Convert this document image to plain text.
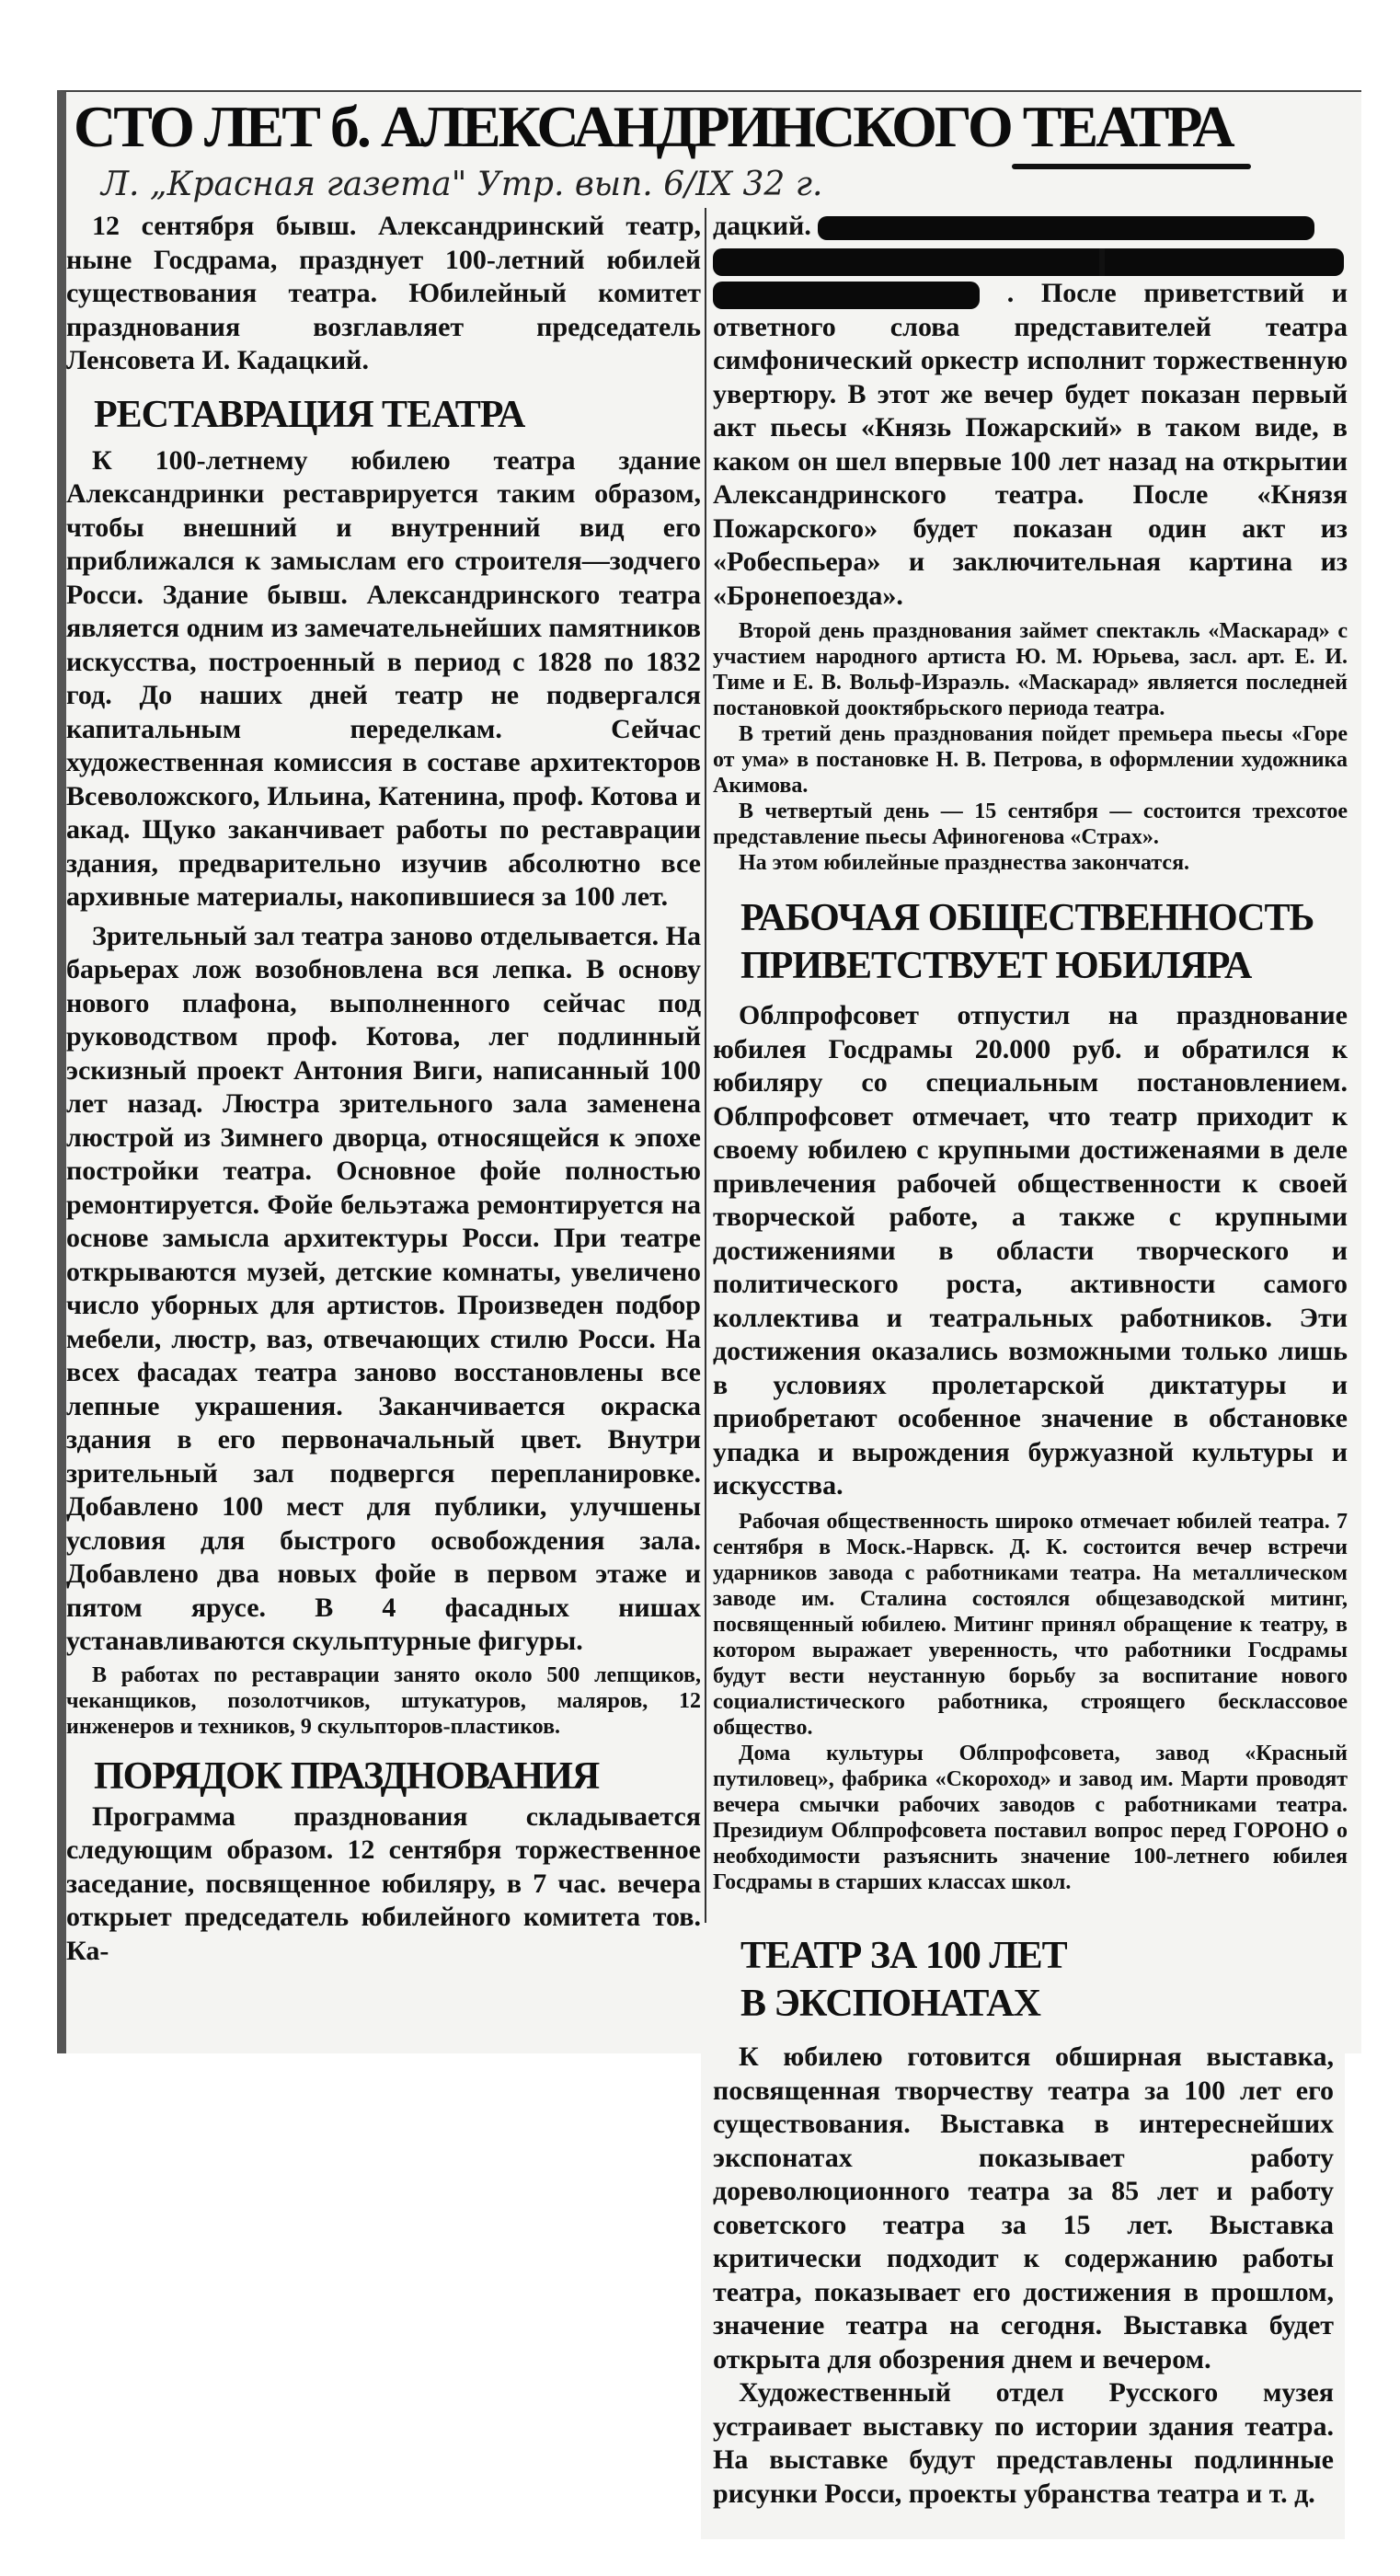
СТО ЛЕТ б. АЛЕКСАНДРИНСКОГО ТЕАТРА
Л. „Красная газета" Утр. вып. 6/IX 32 г.

12 сентября бывш. Александринский театр, ныне Госдрама, празднует 100-летний юбилей существования театра. Юбилейный комитет празднования возглавляет председатель Ленсовета И. Кадацкий.

РЕСТАВРАЦИЯ ТЕАТРА

К 100-летнему юбилею театра здание Александринки реставрируется таким образом, чтобы внешний и внутренний вид его приближался к замыслам его строителя—зодчего Росси. Здание бывш. Александринского театра является одним из замечательнейших памятников искусства, построенный в период с 1828 по 1832 год. До наших дней театр не подвергался капитальным переделкам. Сейчас художественная комиссия в составе архитекторов Всеволожского, Ильина, Катенина, проф. Котова и акад. Щуко заканчивает работы по реставрации здания, предварительно изучив абсолютно все архивные материалы, накопившиеся за 100 лет.

Зрительный зал театра заново отделывается. На барьерах лож возобновлена вся лепка. В основу нового плафона, выполненного сейчас под руководством проф. Котова, лег подлинный эскизный проект Антония Виги, написанный 100 лет назад. Люстра зрительного зала заменена люстрой из Зимнего дворца, относящейся к эпохе постройки театра. Основное фойе полностью ремонтируется. Фойе бельэтажа ремонтируется на основе замысла архитектуры Росси. При театре открываются музей, детские комнаты, увеличено число уборных для артистов. Произведен подбор мебели, люстр, ваз, отвечающих стилю Росси. На всех фасадах театра заново восстановлены все лепные украшения. Заканчивается окраска здания в его первоначальный цвет. Внутри зрительный зал подвергся перепланировке. Добавлено 100 мест для публики, улучшены условия для быстрого освобождения зала. Добавлено два новых фойе в первом этаже и пятом ярусе. В 4 фасадных нишах устанавливаются скульптурные фигуры.

В работах по реставрации занято около 500 лепщиков, чеканщиков, позолотчиков, штукатуров, маляров, 12 инженеров и техников, 9 скульпторов-пластиков.

ПОРЯДОК ПРАЗДНОВАНИЯ

Программа празднования складывается следующим образом. 12 сентября торжественное заседание, посвященное юбиляру, в 7 час. вечера открыет председатель юбилейного комитета тов. Ка-

дацкий.

. После приветствий и ответного слова представителей театра симфонический оркестр исполнит торжественную увертюру. В этот же вечер будет показан первый акт пьесы «Князь Пожарский» в таком виде, в каком он шел впервые 100 лет назад на открытии Александринского театра. После «Князя Пожарского» будет показан один акт из «Робеспьера» и заключительная картина из «Бронепоезда».

Второй день празднования займет спектакль «Маскарад» с участием народного артиста Ю. М. Юрьева, засл. арт. Е. И. Тиме и Е. В. Вольф-Израэль. «Маскарад» является последней постановкой дооктябрьского периода театра.

В третий день празднования пойдет премьера пьесы «Горе от ума» в постановке Н. В. Петрова, в оформлении художника Акимова.

В четвертый день — 15 сентября — состоится трехсотое представление пьесы Афиногенова «Страх».

На этом юбилейные празднества закончатся.

РАБОЧАЯ ОБЩЕСТВЕННОСТЬ

ПРИВЕТСТВУЕТ ЮБИЛЯРА

Облпрофсовет отпустил на празднование юбилея Госдрамы 20.000 руб. и обратился к юбиляру со специальным постановлением. Облпрофсовет отмечает, что театр приходит к своему юбилею с крупными достиженаями в деле привлечения рабочей общественности к своей творческой работе, а также с крупными достижениями в области творческого и политического роста, активности самого коллектива и театральных работников. Эти достижения оказались возможными только лишь в условиях пролетарской диктатуры и приобретают особенное значение в обстановке упадка и вырождения буржуазной культуры и искусства.

Рабочая общественность широко отмечает юбилей театра. 7 сентября в Моск.-Нарвск. Д. К. состоится вечер встречи ударников завода с работниками театра. На металлическом заводе им. Сталина состоялся общезаводской митинг, посвященный юбилею. Митинг принял обращение к театру, в котором выражает уверенность, что работники Госдрамы будут вести неустанную борьбу за воспитание нового социалистического работника, строящего бесклассовое общество.

Дома культуры Облпрофсовета, завод «Красный путиловец», фабрика «Скороход» и завод им. Марти проводят вечера смычки рабочих заводов с работниками театра. Президиум Облпрофсовета поставил вопрос перед ГОРОНО о необходимости разъяснить значение 100-летнего юбилея Госдрамы в старших классах школ.

ТЕАТР ЗА 100 ЛЕТ

В ЭКСПОНАТАХ

К юбилею готовится обширная выставка, посвященная творчеству театра за 100 лет его существования. Выставка в интереснейших экспонатах показывает работу дореволюционного театра за 85 лет и работу советского театра за 15 лет. Выставка критически подходит к содержанию работы театра, показывает его достижения в прошлом, значение театра на сегодня. Выставка будет открыта для обозрения днем и вечером.

Художественный отдел Русского музея устраивает выставку по истории здания театра. На выставке будут представлены подлинные рисунки Росси, проекты убранства театра и т. д.
